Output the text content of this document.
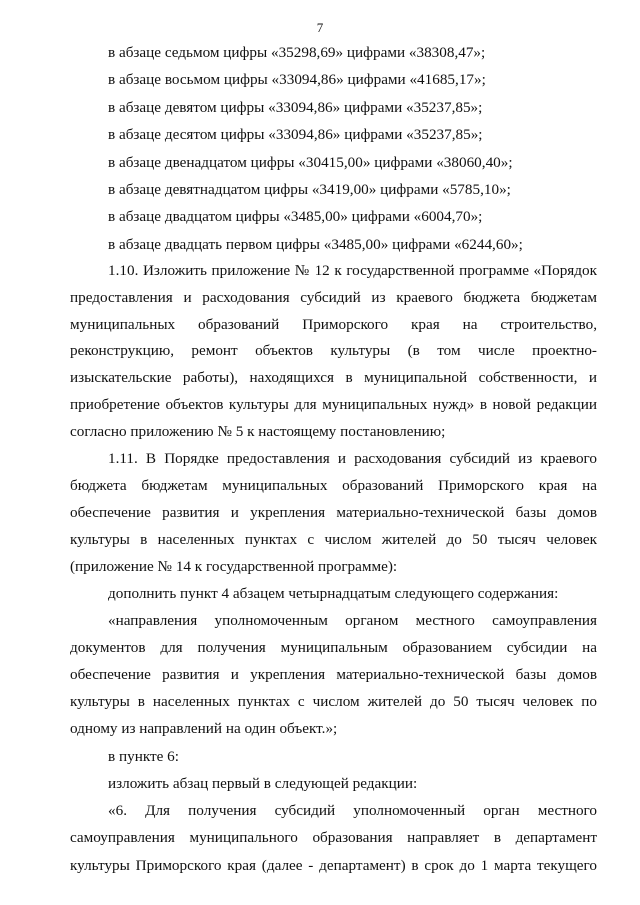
7
в абзаце седьмом цифры «35298,69» цифрами «38308,47»;
в абзаце восьмом цифры «33094,86» цифрами «41685,17»;
в абзаце девятом цифры «33094,86» цифрами «35237,85»;
в абзаце десятом цифры «33094,86» цифрами «35237,85»;
в абзаце двенадцатом цифры «30415,00» цифрами «38060,40»;
в абзаце девятнадцатом цифры «3419,00» цифрами «5785,10»;
в абзаце двадцатом цифры «3485,00» цифрами «6004,70»;
в абзаце двадцать первом цифры «3485,00» цифрами «6244,60»;
1.10. Изложить приложение № 12 к государственной программе «Порядок
предоставления и расходования субсидий из краевого бюджета бюджетам
муниципальных образований Приморского края на строительство,
реконструкцию, ремонт объектов культуры (в том числе проектно-
изыскательские работы), находящихся в муниципальной собственности, и
приобретение объектов культуры для муниципальных нужд» в новой редакции
согласно приложению № 5 к настоящему постановлению;
1.11. В Порядке предоставления и расходования субсидий из краевого
бюджета бюджетам муниципальных образований Приморского края на
обеспечение развития и укрепления материально-технической базы домов
культуры в населенных пунктах с числом жителей до 50 тысяч человек
(приложение № 14 к государственной программе):
дополнить пункт 4 абзацем четырнадцатым следующего содержания:
«направления уполномоченным органом местного самоуправления
документов для получения муниципальным образованием субсидии на
обеспечение развития и укрепления материально-технической базы домов
культуры в населенных пунктах с числом жителей до 50 тысяч человек по
одному из направлений на один объект.»;
в пункте 6:
изложить абзац первый в следующей редакции:
«6. Для получения субсидий уполномоченный орган местного
самоуправления муниципального образования направляет в департамент
культуры Приморского края (далее - департамент) в срок до 1 марта текущего
